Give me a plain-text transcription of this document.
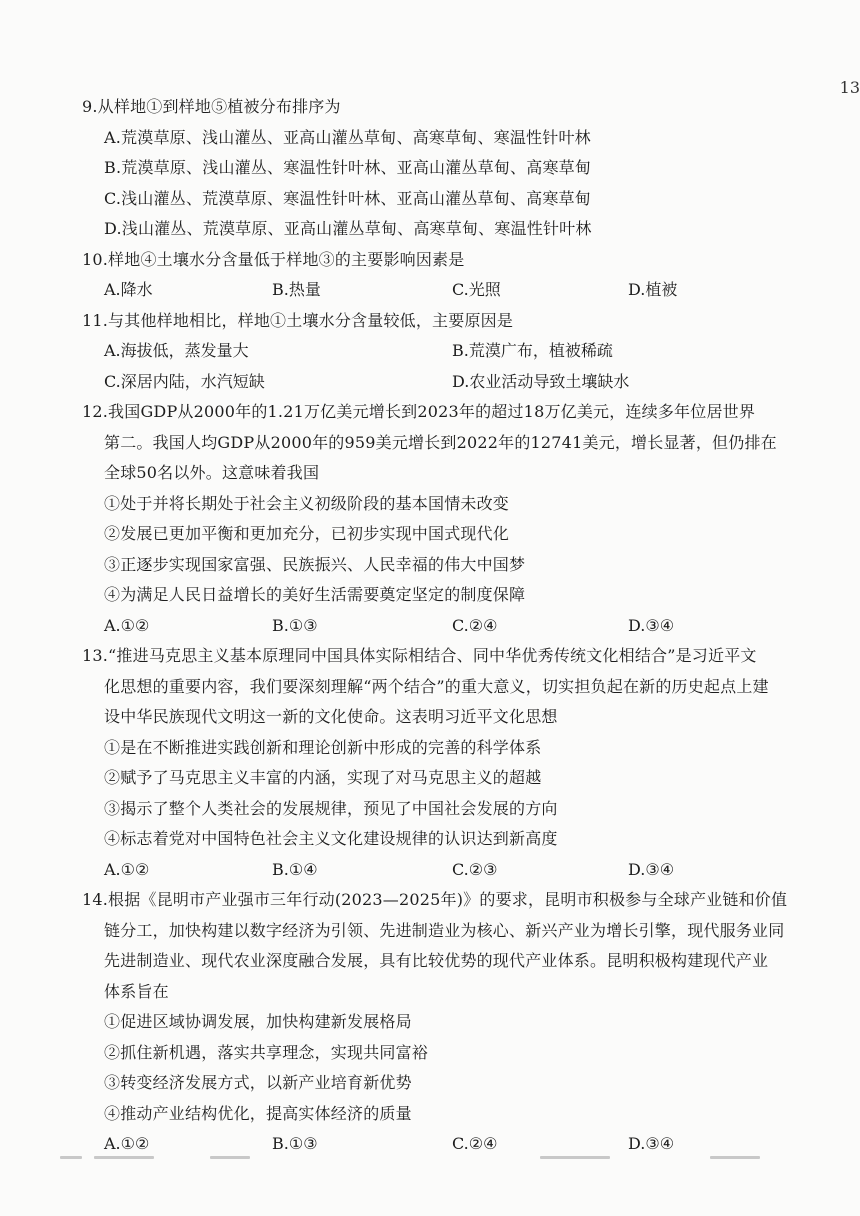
13
9.从样地①到样地⑤植被分布排序为
A.荒漠草原、浅山灌丛、亚高山灌丛草甸、高寒草甸、寒温性针叶林
B.荒漠草原、浅山灌丛、寒温性针叶林、亚高山灌丛草甸、高寒草甸
C.浅山灌丛、荒漠草原、寒温性针叶林、亚高山灌丛草甸、高寒草甸
D.浅山灌丛、荒漠草原、亚高山灌丛草甸、高寒草甸、寒温性针叶林
10.样地④土壤水分含量低于样地③的主要影响因素是
A.降水	B.热量	C.光照	D.植被
11.与其他样地相比，样地①土壤水分含量较低，主要原因是
A.海拔低，蒸发量大	B.荒漠广布，植被稀疏
C.深居内陆，水汽短缺	D.农业活动导致土壤缺水
12.我国GDP从2000年的1.21万亿美元增长到2023年的超过18万亿美元，连续多年位居世界
第二。我国人均GDP从2000年的959美元增长到2022年的12741美元，增长显著，但仍排在
全球50名以外。这意味着我国
①处于并将长期处于社会主义初级阶段的基本国情未改变
②发展已更加平衡和更加充分，已初步实现中国式现代化
③正逐步实现国家富强、民族振兴、人民幸福的伟大中国梦
④为满足人民日益增长的美好生活需要奠定坚定的制度保障
A.①②	B.①③	C.②④	D.③④
13.“推进马克思主义基本原理同中国具体实际相结合、同中华优秀传统文化相结合”是习近平文
化思想的重要内容，我们要深刻理解“两个结合”的重大意义，切实担负起在新的历史起点上建
设中华民族现代文明这一新的文化使命。这表明习近平文化思想
①是在不断推进实践创新和理论创新中形成的完善的科学体系
②赋予了马克思主义丰富的内涵，实现了对马克思主义的超越
③揭示了整个人类社会的发展规律，预见了中国社会发展的方向
④标志着党对中国特色社会主义文化建设规律的认识达到新高度
A.①②	B.①④	C.②③	D.③④
14.根据《昆明市产业强市三年行动(2023—2025年)》的要求，昆明市积极参与全球产业链和价值
链分工，加快构建以数字经济为引领、先进制造业为核心、新兴产业为增长引擎，现代服务业同
先进制造业、现代农业深度融合发展，具有比较优势的现代产业体系。昆明积极构建现代产业
体系旨在
①促进区域协调发展，加快构建新发展格局
②抓住新机遇，落实共享理念，实现共同富裕
③转变经济发展方式，以新产业培育新优势
④推动产业结构优化，提高实体经济的质量
A.①②	B.①③	C.②④	D.③④
